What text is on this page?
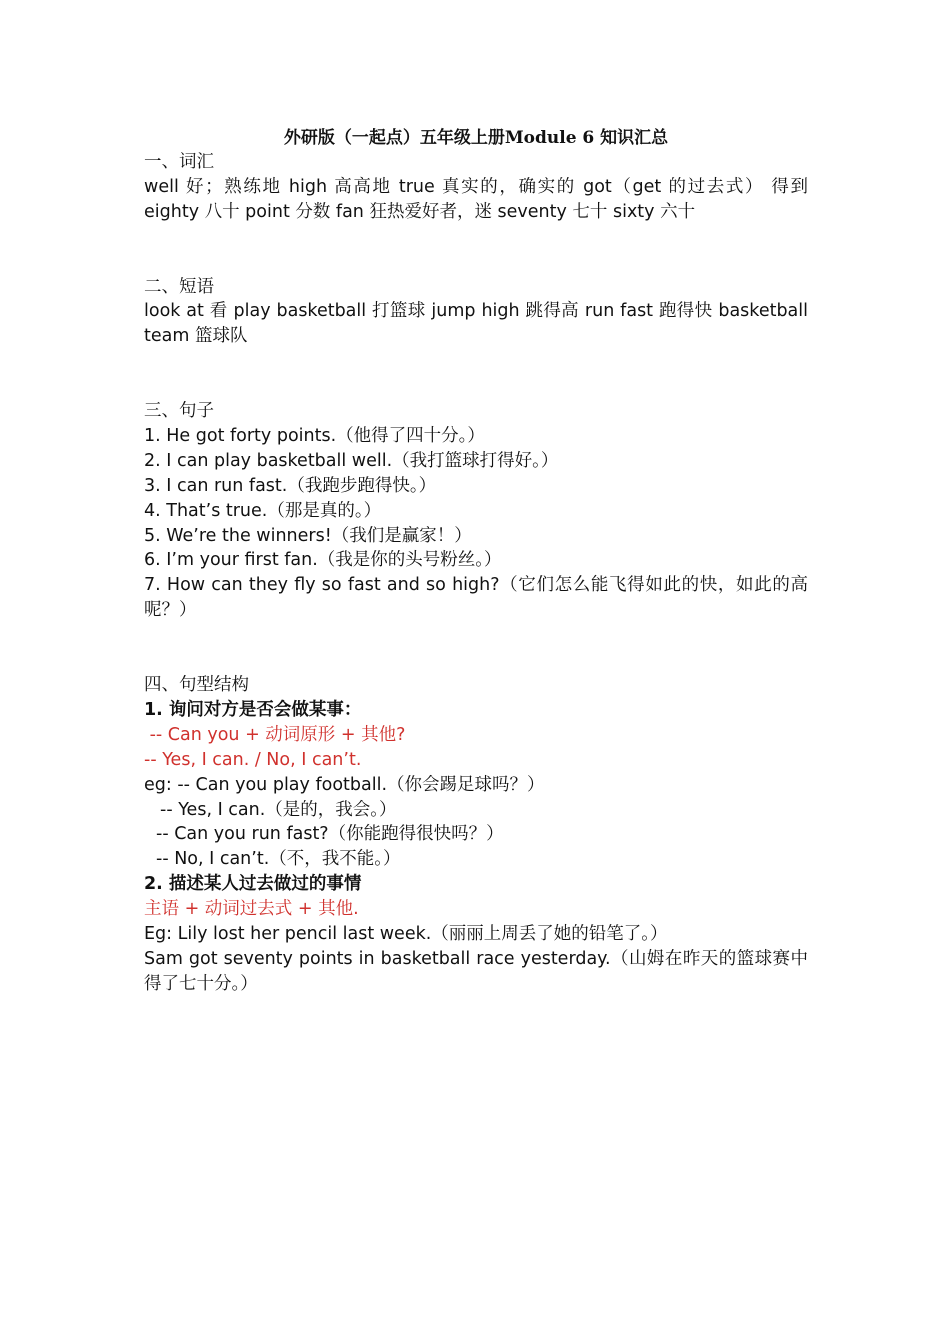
外研版（一起点）五年级上册Module 6 知识汇总

一、词汇

well 好；熟练地 high 高高地 true 真实的，确实的 got（get 的过去式） 得到 eighty 八十 point 分数 fan 狂热爱好者，迷 seventy 七十 sixty 六十

二、短语

look at 看 play basketball 打篮球 jump high 跳得高 run fast 跑得快 basketball team 篮球队

三、句子

1. He got forty points.（他得了四十分。）

2. I can play basketball well.（我打篮球打得好。）

3. I can run fast.（我跑步跑得快。）

4. That’s true.（那是真的。）

5. We’re the winners!（我们是赢家！）

6. I’m your first fan.（我是你的头号粉丝。）

7. How can they fly so fast and so high?（它们怎么能飞得如此的快，如此的高呢？）

四、句型结构

1. 询问对方是否会做某事：

-- Can you + 动词原形 + 其他?

-- Yes, I can. / No, I can’t.

eg: -- Can you play football.（你会踢足球吗？）

-- Yes, I can.（是的，我会。）

-- Can you run fast?（你能跑得很快吗？）

-- No, I can’t.（不，我不能。）

2. 描述某人过去做过的事情

主语 + 动词过去式 + 其他.

Eg: Lily lost her pencil last week.（丽丽上周丢了她的铅笔了。）

Sam got seventy points in basketball race yesterday.（山姆在昨天的篮球赛中得了七十分。）
